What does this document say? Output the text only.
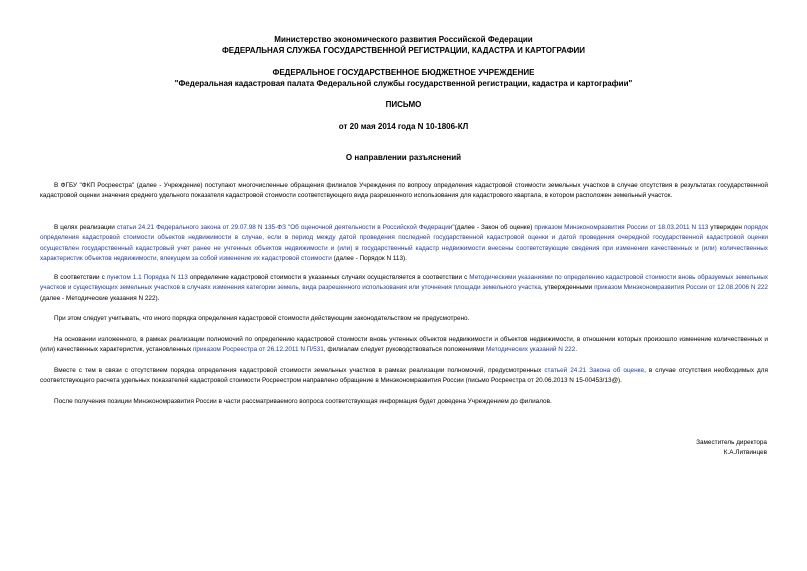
Министерство экономического развития Российской Федерации
ФЕДЕРАЛЬНАЯ СЛУЖБА ГОСУДАРСТВЕННОЙ РЕГИСТРАЦИИ, КАДАСТРА И КАРТОГРАФИИ
ФЕДЕРАЛЬНОЕ ГОСУДАРСТВЕННОЕ БЮДЖЕТНОЕ УЧРЕЖДЕНИЕ
"Федеральная кадастровая палата Федеральной службы государственной регистрации, кадастра и картографии"
ПИСЬМО
от 20 мая 2014 года N 10-1806-КЛ
О направлении разъяснений

В ФГБУ "ФКП Росреестра" (далее - Учреждение) поступают многочисленные обращения филиалов Учреждения по вопросу определения кадастровой стоимости земельных участков в случае отсутствия в результатах государственной кадастровой оценки значения среднего удельного показателя кадастровой стоимости соответствующего вида разрешенного использования для кадастрового квартала, в котором расположен земельный участок.

В целях реализации статьи 24.21 Федерального закона от 29.07.98 N 135-ФЗ "Об оценочной деятельности в Российской Федерации"(далее - Закон об оценке) приказом Минэкономразвития России от 18.03.2011 N 113 утвержден порядок определения кадастровой стоимости объектов недвижимости в случае, если в период между датой проведения последней государственной кадастровой оценки и датой проведения очередной государственной кадастровой оценки осуществлен государственный кадастровый учет ранее не учтенных объектов недвижимости и (или) в государственный кадастр недвижимости внесены соответствующие сведения при изменении качественных и (или) количественных характеристик объектов недвижимости, влекущем за собой изменение их кадастровой стоимости (далее - Порядок N 113).

В соответствии с пунктом 1.1 Порядка N 113 определение кадастровой стоимости в указанных случаях осуществляется в соответствии с Методическими указаниями по определению кадастровой стоимости вновь образуемых земельных участков и существующих земельных участков в случаях изменения категории земель, вида разрешенного использования или уточнения площади земельного участка, утвержденными приказом Минэкономразвития России от 12.08.2006 N 222 (далее - Методические указания N 222).

При этом следует учитывать, что иного порядка определения кадастровой стоимости действующим законодательством не предусмотрено.

На основании изложенного, в рамках реализации полномочий по определению кадастровой стоимости вновь учтенных объектов недвижимости и объектов недвижимости, в отношении которых произошло изменение количественных и (или) качественных характеристик, установленных приказом Росреестра от 26.12.2011 N П/531, филиалам следует руководствоваться положениями Методических указаний N 222.

Вместе с тем в связи с отсутствием порядка определения кадастровой стоимости земельных участков в рамках реализации полномочий, предусмотренных статьей 24.21 Закона об оценке, в случае отсутствия необходимых для соответствующего расчета удельных показателей кадастровой стоимости Росреестром направлено обращение в Минэкономразвития России (письмо Росреестра от 20.06.2013 N 15-00453/13@).

После получения позиции Минэкономразвития России в части рассматриваемого вопроса соответствующая информация будет доведена Учреждением до филиалов.

Заместитель директора
К.А.Литвинцев
